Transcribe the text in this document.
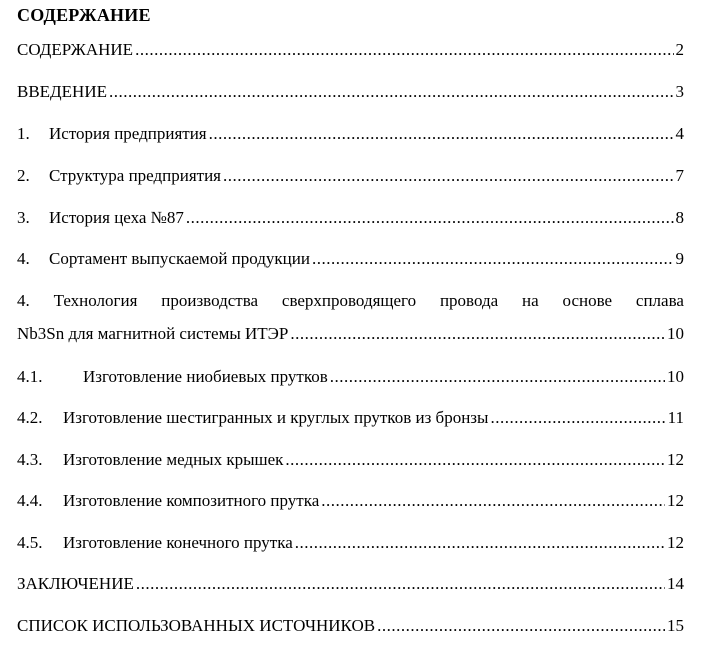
СОДЕРЖАНИЕ
СОДЕРЖАНИЕ .....	2
ВВЕДЕНИЕ .....	3
1.	История предприятия .....	4
2.	Структура предприятия .....	7
3.	История цеха №87 .....	8
4.	Сортамент выпускаемой продукции .....	9
4. Технология производства сверхпроводящего провода на основе сплава
Nb3Sn для магнитной системы ИТЭР .....	10
4.1.	Изготовление ниобиевых прутков .....	10
4.2.	Изготовление шестигранных и круглых прутков из бронзы .....	11
4.3.	Изготовление медных крышек .....	12
4.4.	Изготовление композитного прутка .....	12
4.5.	Изготовление конечного прутка .....	12
ЗАКЛЮЧЕНИЕ .....	14
СПИСОК ИСПОЛЬЗОВАННЫХ ИСТОЧНИКОВ .....	15
